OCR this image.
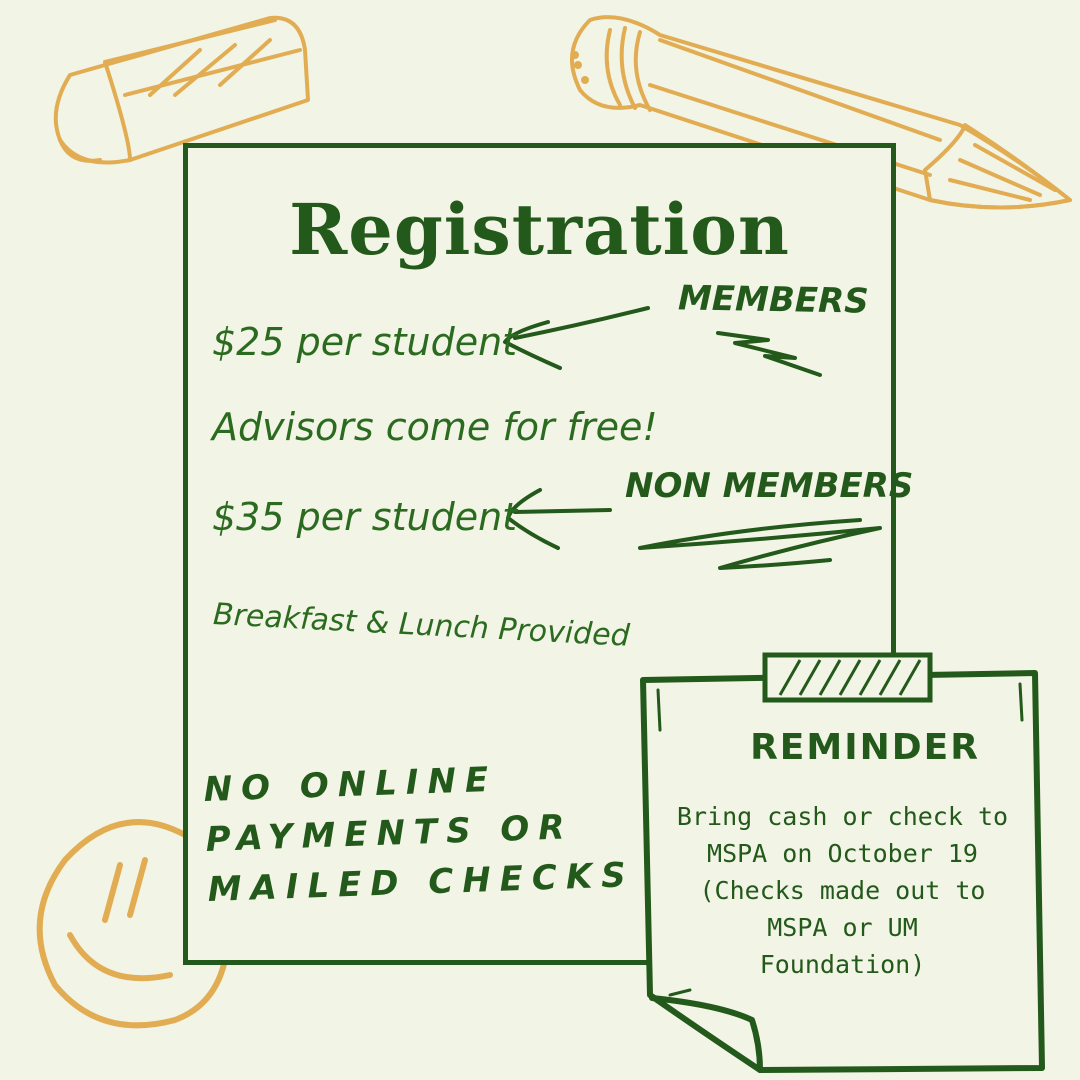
Registration
MEMBERS
$25 per student
Advisors come for free!
NON MEMBERS
$35 per student
Breakfast & Lunch Provided
NO ONLINE
PAYMENTS OR
MAILED CHECKS
REMINDER
Bring cash or check to
MSPA on October 19
(Checks made out to
MSPA or UM
Foundation)
